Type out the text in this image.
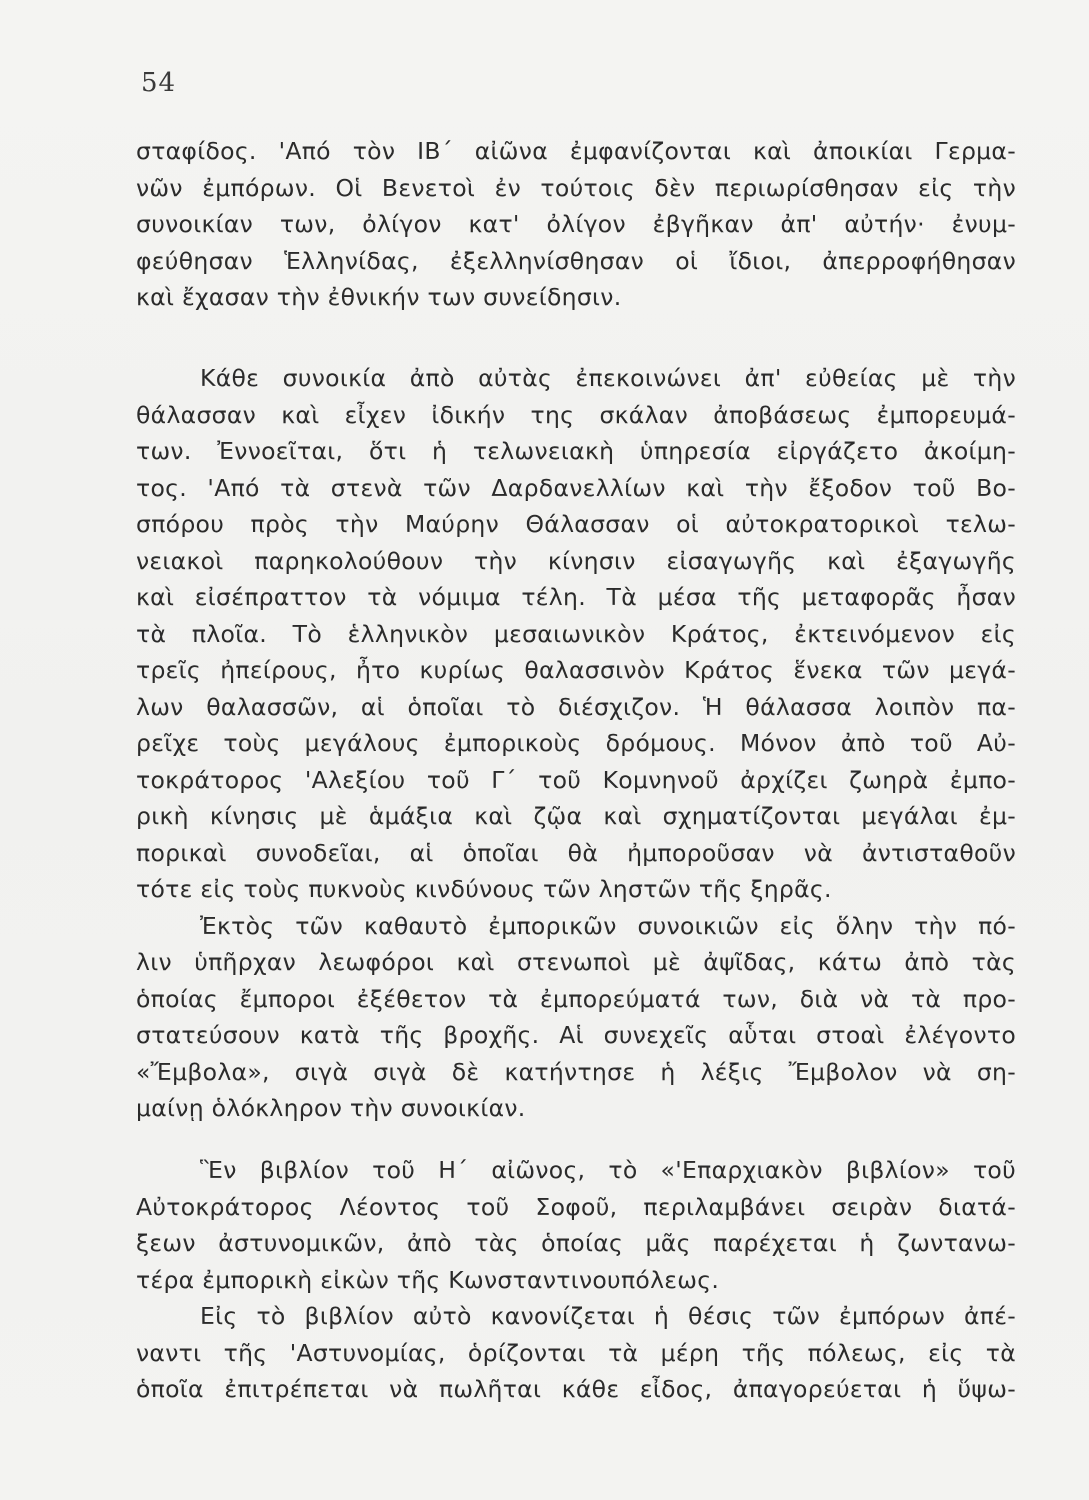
54
σταφίδος. 'Από τὸν ΙΒ΄ αἰῶνα ἐμφανίζονται καὶ ἀποικίαι Γερμα-
νῶν ἐμπόρων. Οἱ Βενετοὶ ἐν τούτοις δὲν περιωρίσθησαν εἰς τὴν
συνοικίαν των, ὀλίγον κατ' ὀλίγον ἐβγῆκαν ἀπ' αὐτήν· ἐνυμ-
φεύθησαν Ἑλληνίδας, ἐξελληνίσθησαν οἱ ἴδιοι, ἀπερροφήθησαν
καὶ ἔχασαν τὴν ἐθνικήν των συνείδησιν.
Κάθε συνοικία ἀπὸ αὐτὰς ἐπεκοινώνει ἀπ' εὐθείας μὲ τὴν
θάλασσαν καὶ εἶχεν ἰδικήν της σκάλαν ἀποβάσεως ἐμπορευμά-
των. Ἐννοεῖται, ὅτι ἡ τελωνειακὴ ὑπηρεσία εἰργάζετο ἀκοίμη-
τος. 'Από τὰ στενὰ τῶν Δαρδανελλίων καὶ τὴν ἔξοδον τοῦ Βο-
σπόρου πρὸς τὴν Μαύρην Θάλασσαν οἱ αὐτοκρατορικοὶ τελω-
νειακοὶ παρηκολούθουν τὴν κίνησιν εἰσαγωγῆς καὶ ἐξαγωγῆς
καὶ εἰσέπραττον τὰ νόμιμα τέλη. Τὰ μέσα τῆς μεταφορᾶς ἦσαν
τὰ πλοῖα. Τὸ ἑλληνικὸν μεσαιωνικὸν Κράτος, ἐκτεινόμενον εἰς
τρεῖς ἠπείρους, ἦτο κυρίως θαλασσινὸν Κράτος ἕνεκα τῶν μεγά-
λων θαλασσῶν, αἱ ὁποῖαι τὸ διέσχιζον. Ἡ θάλασσα λοιπὸν πα-
ρεῖχε τοὺς μεγάλους ἐμπορικοὺς δρόμους. Μόνον ἀπὸ τοῦ Αὐ-
τοκράτορος 'Αλεξίου τοῦ Γ΄ τοῦ Κομνηνοῦ ἀρχίζει ζωηρὰ ἐμπο-
ρικὴ κίνησις μὲ ἁμάξια καὶ ζῷα καὶ σχηματίζονται μεγάλαι ἐμ-
πορικαὶ συνοδεῖαι, αἱ ὁποῖαι θὰ ἠμποροῦσαν νὰ ἀντισταθοῦν
τότε εἰς τοὺς πυκνοὺς κινδύνους τῶν ληστῶν τῆς ξηρᾶς.
Ἐκτὸς τῶν καθαυτὸ ἐμπορικῶν συνοικιῶν εἰς ὅλην τὴν πό-
λιν ὑπῆρχαν λεωφόροι καὶ στενωποὶ μὲ ἀψῖδας, κάτω ἀπὸ τὰς
ὁποίας ἔμποροι ἐξέθετον τὰ ἐμπορεύματά των, διὰ νὰ τὰ προ-
στατεύσουν κατὰ τῆς βροχῆς. Αἱ συνεχεῖς αὗται στοαὶ ἐλέγοντο
«Ἔμβολα», σιγὰ σιγὰ δὲ κατήντησε ἡ λέξις Ἔμβολον νὰ ση-
μαίνῃ ὁλόκληρον τὴν συνοικίαν.
Ἓν βιβλίον τοῦ Η΄ αἰῶνος, τὸ «'Επαρχιακὸν βιβλίον» τοῦ
Αὐτοκράτορος Λέοντος τοῦ Σοφοῦ, περιλαμβάνει σειρὰν διατά-
ξεων ἀστυνομικῶν, ἀπὸ τὰς ὁποίας μᾶς παρέχεται ἡ ζωντανω-
τέρα ἐμπορικὴ εἰκὼν τῆς Κωνσταντινουπόλεως.
Εἰς τὸ βιβλίον αὐτὸ κανονίζεται ἡ θέσις τῶν ἐμπόρων ἀπέ-
ναντι τῆς 'Αστυνομίας, ὁρίζονται τὰ μέρη τῆς πόλεως, εἰς τὰ
ὁποῖα ἐπιτρέπεται νὰ πωλῆται κάθε εἶδος, ἀπαγορεύεται ἡ ὕψω-
